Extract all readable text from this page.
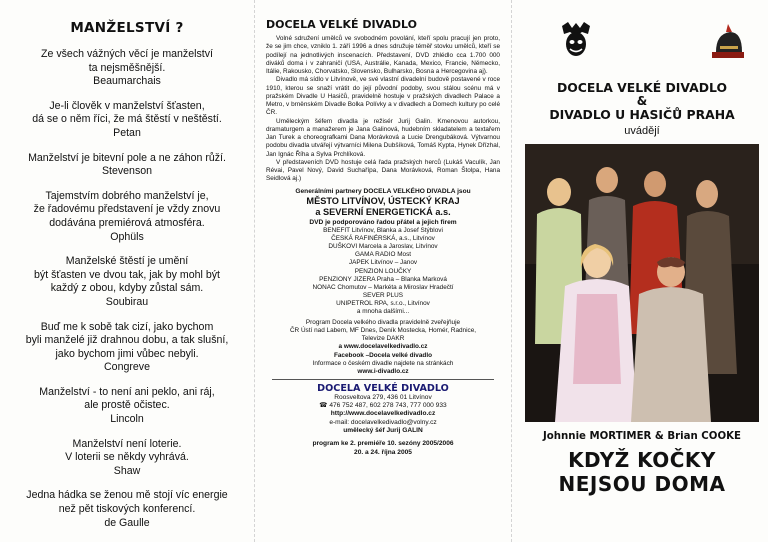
MANŽELSTVÍ ?
Ze všech vážných věcí je manželství
ta nejsměšnější.
Beaumarchais
Je-li člověk v manželství šťasten,
dá se o něm říci, že má štěstí v neštěstí.
Petan
Manželství je bitevní pole a ne záhon růží.
Stevenson
Tajemstvím dobrého manželství je,
že řadovému představení je vždy znovu
dodávána premiérová atmosféra.
Ophüls
Manželské štěstí je umění
být šťasten ve dvou tak, jak by mohl být
každý z obou, kdyby zůstal sám.
Soubirau
Buď me k sobě tak cizí, jako bychom
byli manželé již drahnou dobu, a tak slušní,
jako bychom jimi vůbec nebyli.
Congreve
Manželství - to není ani peklo, ani ráj,
ale prostě očistec.
Lincoln
Manželství není loterie.
V loterii se někdy vyhrává.
Shaw
Jedna hádka se ženou mě stojí víc energie
než pět tiskových konferencí.
de Gaulle
DOCELA VELKÉ DIVADLO

Volné sdružení umělců ve svobodném povolání, kteří spolu pracují jen proto, že se jim chce, vzniklo 1. září 1996 a dnes sdružuje téměř stovku umělců, kteří se podílejí na jednotlivých inscenacích. Představení, DVD zhlédlo cca 1.700 000 diváků doma i v zahraničí (USA, Austrálie, Kanada, Mexico, Francie, Německo, Itálie, Rakousko, Chorvatsko, Slovensko, Bulharsko, Bosna a Hercegovina aj).

Divadlo má sídlo v Litvínově, ve své vlastní divadelní budově postavené v roce 1910, kterou se snaží vrátit do její původní podoby, svou stálou scénu má v pražském Divadle U Hasičů, pravidelně hostuje v pražských divadlech Palace a Metro, v brněnském Divadle Bolka Polívky a v divadlech a Domech kultury po celé ČR.

Uměleckým šéfem divadla je režisér Jurij Galin. Kmenovou autorkou, dramaturgem a manažerem je Jana Galinová, hudebním skladatelem a textařem Jan Turek a choreografkami Dana Morávková a Lucie Drengubáková. Výtvarnou podobu divadla utvářejí výtvarníci Milena Dubšíková, Tomáš Kypta, Hynek Dřízhal, Jan Ignác Říha a Sylva Prchlíková.

V představeních DVD hostuje celá řada pražských herců (Lukáš Vaculík, Jan Révai, Pavel Nový, David Suchařípa, Dana Morávková, Roman Štolpa, Hana Seidlová aj.)

Generálními partnery DOCELA VELKÉHO DIVADLA jsou
MĚSTO LITVÍNOV, ÚSTECKÝ KRAJ
a SEVERNÍ ENERGETICKÁ a.s.
DVD je podporováno řadou přátel a jejich firem
BENEFIT Litvínov, Blanka a Josef Stýblovi
ČESKÁ RAFINÉRSKÁ, a.s., Litvínov
DUŠKOVI Marcela a Jaroslav, Litvínov
GAMA RADIO Most
JAPEK Litvínov – Janov
PENZION LOUČKY
PENZIONY JIZERA Praha – Blanka Marková
NONAC Chomutov – Markéta a Miroslav Hradečtí
SEVER PLUS
UNIPETROL RPA, s.r.o., Litvínov
a mnoha dalšími...
Program Docela velkého divadla pravidelně zveřejňuje
ČR Ústí nad Labem, MF Dnes, Deník Mostecka, Homér, Radnice,
Televize DAKR
a www.docelavelkedivadlo.cz
Facebook –Docela velké divadlo
Informace o českém divadle najdete na stránkách
www.i-divadlo.cz
DOCELA VELKÉ DIVADLO
Roosveltova 279, 436 01 Litvínov
☎ 476 752 487, 602 278 743, 777 000 933
http://www.docelavelkedivadlo.cz
e-mail: docelavelkedivadlo@volny.cz
umělecký šéf Jurij GALIN
program ke 2. premiéře 10. sezóny 2005/2006
20. a 24. října 2005
DOCELA VELKÉ DIVADLO
&
DIVADLO U HASIČŮ PRAHA
uvádějí
Johnnie MORTIMER & Brian COOKE
KDYŽ KOČKY
NEJSOU DOMA
